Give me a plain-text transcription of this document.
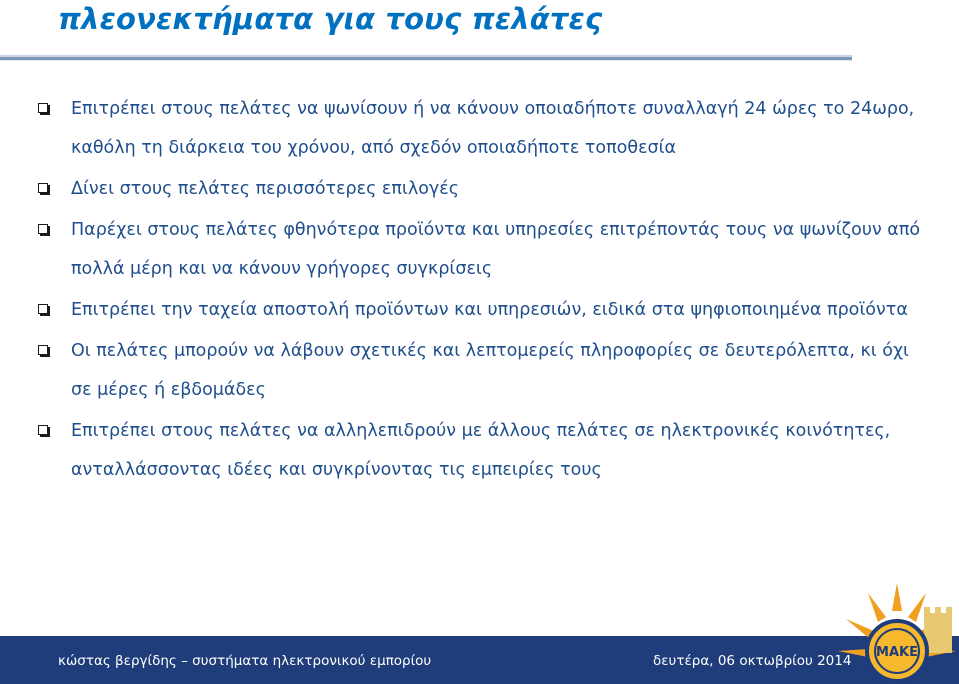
πλεονεκτήματα για τους πελάτες
Επιτρέπει στους πελάτες να ψωνίσουν ή να κάνουν οποιαδήποτε συναλλαγή 24 ώρες το 24ωρο, καθόλη τη διάρκεια του χρόνου, από σχεδόν οποιαδήποτε τοποθεσία
Δίνει στους πελάτες περισσότερες επιλογές
Παρέχει στους πελάτες φθηνότερα προϊόντα και υπηρεσίες επιτρέποντάς τους να ψωνίζουν από πολλά μέρη και να κάνουν γρήγορες συγκρίσεις
Επιτρέπει την ταχεία αποστολή προϊόντων και υπηρεσιών, ειδικά στα ψηφιοποιημένα προϊόντα
Οι πελάτες μπορούν να λάβουν σχετικές και λεπτομερείς πληροφορίες σε δευτερόλεπτα, κι όχι σε μέρες ή εβδομάδες
Επιτρέπει στους πελάτες να αλληλεπιδρούν με άλλους πελάτες σε ηλεκτρονικές κοινότητες, ανταλλάσσοντας ιδέες και συγκρίνοντας τις εμπειρίες τους
κώστας βεργίδης – συστήματα ηλεκτρονικού εμπορίου	δευτέρα, 06 οκτωβρίου 2014
ΜΑΚΕ
